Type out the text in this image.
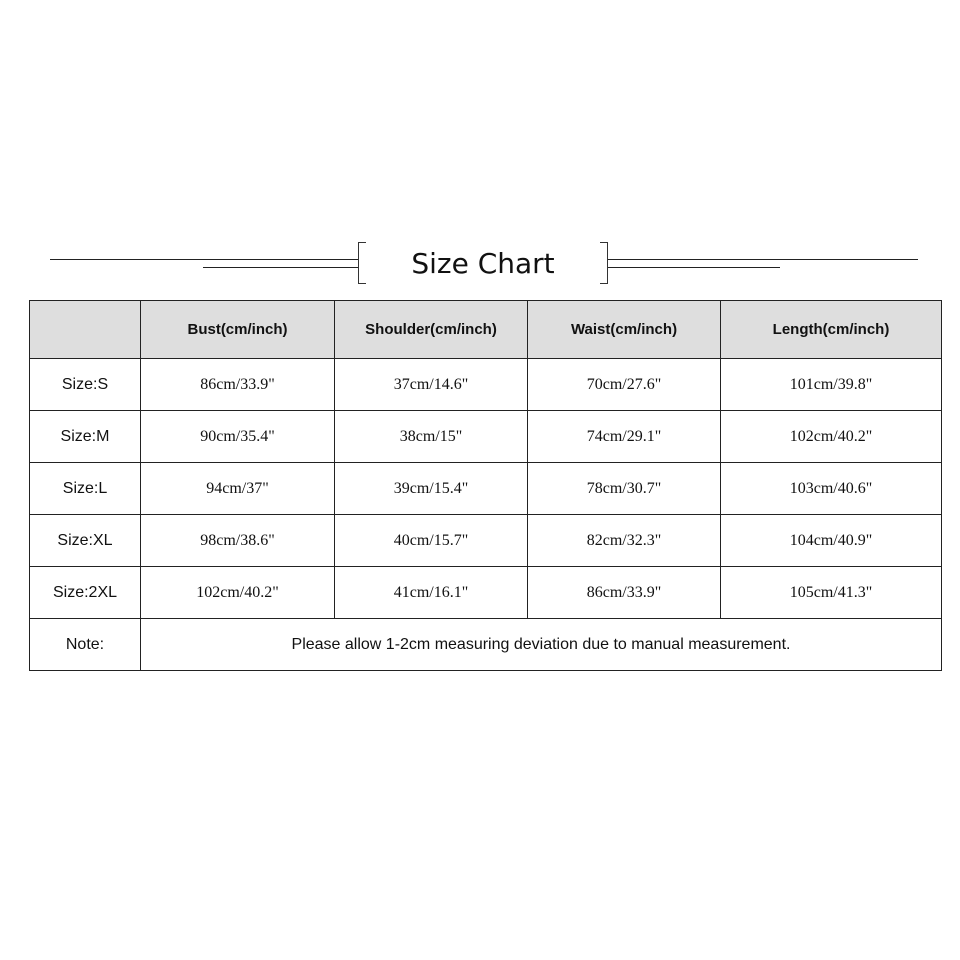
Size Chart
	Bust(cm/inch)	Shoulder(cm/inch)	Waist(cm/inch)	Length(cm/inch)
Size:S	86cm/33.9"	37cm/14.6"	70cm/27.6"	101cm/39.8"
Size:M	90cm/35.4"	38cm/15"	74cm/29.1"	102cm/40.2"
Size:L	94cm/37"	39cm/15.4"	78cm/30.7"	103cm/40.6"
Size:XL	98cm/38.6"	40cm/15.7"	82cm/32.3"	104cm/40.9"
Size:2XL	102cm/40.2"	41cm/16.1"	86cm/33.9"	105cm/41.3"
Note:	Please allow 1-2cm measuring deviation due to manual measurement.			
